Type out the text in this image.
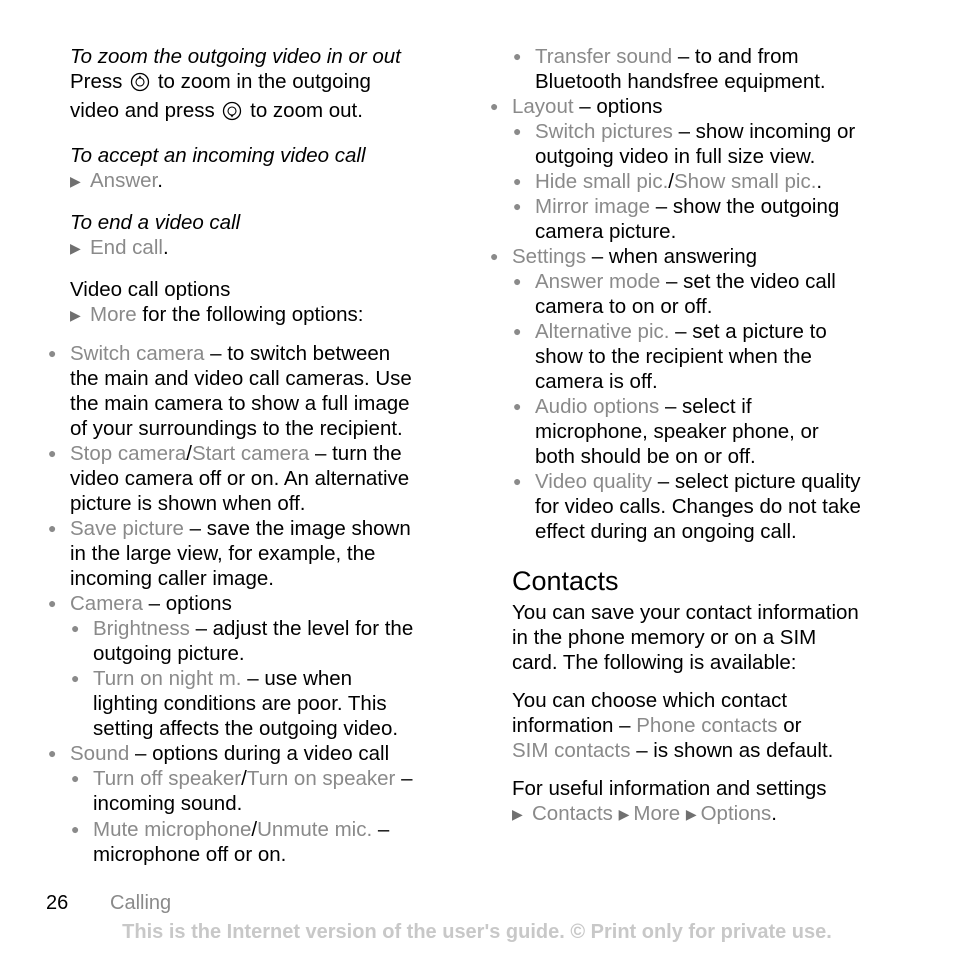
To zoom the outgoing video in or out

Press to zoom in the outgoing

video and press to zoom out.

To accept an incoming video call

▶ Answer.

To end a video call

▶ End call.

Video call options

▶ More for the following options:

● Switch camera – to switch between
the main and video call cameras. Use
the main camera to show a full image
of your surroundings to the recipient.
● Stop camera/Start camera – turn the
video camera off or on. An alternative
picture is shown when off.
● Save picture – save the image shown
in the large view, for example, the
incoming caller image.
● Camera – options
● Brightness – adjust the level for the
outgoing picture.
● Turn on night m. – use when
lighting conditions are poor. This
setting affects the outgoing video.
● Sound – options during a video call
● Turn off speaker/Turn on speaker –
incoming sound.
● Mute microphone/Unmute mic. –
microphone off or on.
● Transfer sound – to and from
Bluetooth handsfree equipment.
● Layout – options
● Switch pictures – show incoming or
outgoing video in full size view.
● Hide small pic./Show small pic..
● Mirror image – show the outgoing
camera picture.
● Settings – when answering
● Answer mode – set the video call
camera to on or off.
● Alternative pic. – set a picture to
show to the recipient when the
camera is off.
● Audio options – select if
microphone, speaker phone, or
both should be on or off.
● Video quality – select picture quality
for video calls. Changes do not take
effect during an ongoing call.
Contacts

You can save your contact information
in the phone memory or on a SIM
card. The following is available:

You can choose which contact
information – Phone contacts or
SIM contacts – is shown as default.

For useful information and settings

▶ Contacts ▶ More ▶ Options.

26 Calling
This is the Internet version of the user's guide. © Print only for private use.
